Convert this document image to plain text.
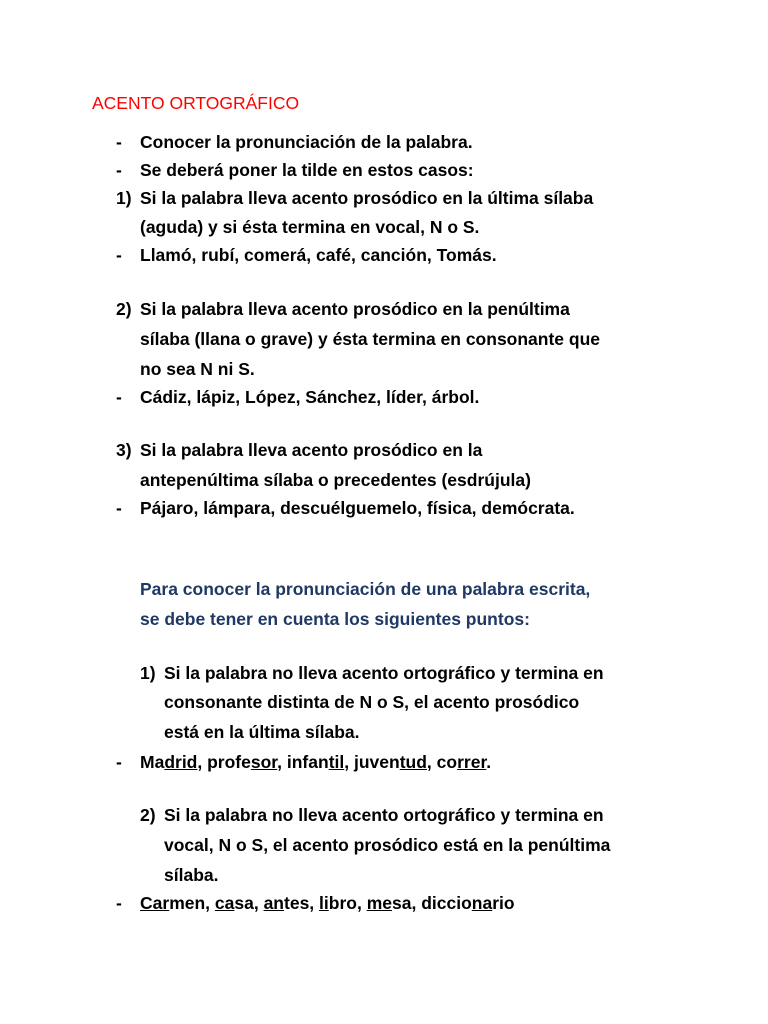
ACENTO ORTOGRÁFICO
- Conocer la pronunciación de la palabra.
- Se deberá poner la tilde en estos casos:
1) Si la palabra lleva acento prosódico en la última sílaba
(aguda) y si ésta termina en vocal, N o S.
- Llamó, rubí, comerá, café, canción, Tomás.
2) Si la palabra lleva acento prosódico en la penúltima
sílaba (llana o grave) y ésta termina en consonante que
no sea N ni S.
- Cádiz, lápiz, López, Sánchez, líder, árbol.
3) Si la palabra lleva acento prosódico en la
antepenúltima sílaba o precedentes (esdrújula)
- Pájaro, lámpara, descuélguemelo, física, demócrata.
Para conocer la pronunciación de una palabra escrita,
se debe tener en cuenta los siguientes puntos:
1) Si la palabra no lleva acento ortográfico y termina en
consonante distinta de N o S, el acento prosódico
está en la última sílaba.
- Madrid, profesor, infantil, juventud, correr.
2) Si la palabra no lleva acento ortográfico y termina en
vocal, N o S, el acento prosódico está en la penúltima
sílaba.
- Carmen, casa, antes, libro, mesa, diccionario
